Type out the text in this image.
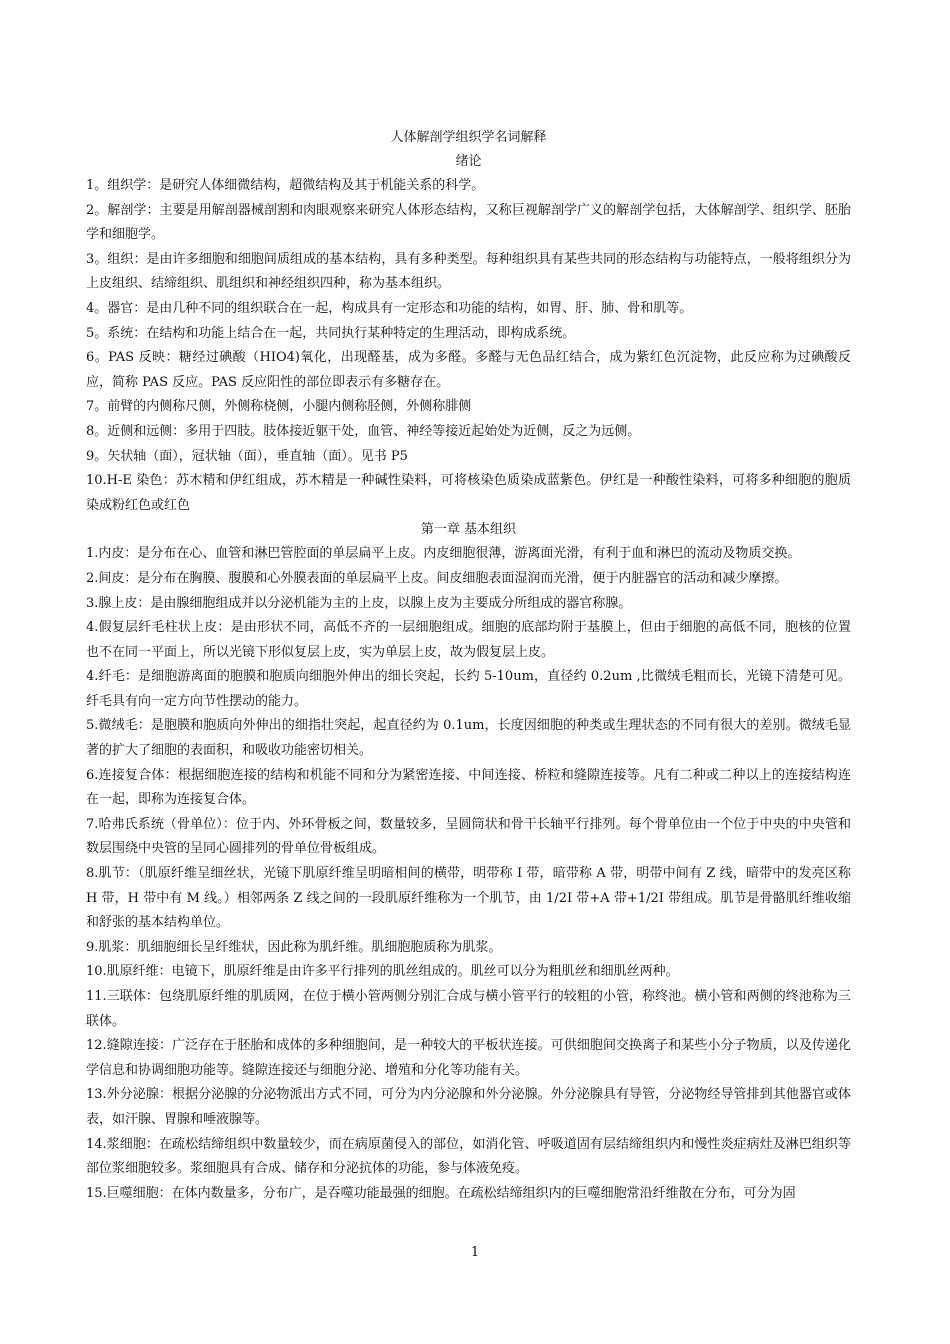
人体解剖学组织学名词解释
绪论

1。组织学：是研究人体细微结构，超微结构及其于机能关系的科学。

2。解剖学：主要是用解剖器械剖割和肉眼观察来研究人体形态结构，又称巨视解剖学广义的解剖学包括，大体解剖学、组织学、胚胎学和细胞学。

3。组织：是由许多细胞和细胞间质组成的基本结构，具有多种类型。每种组织具有某些共同的形态结构与功能特点，一般将组织分为上皮组织、结缔组织、肌组织和神经组织四种，称为基本组织。

4。器官：是由几种不同的组织联合在一起，构成具有一定形态和功能的结构，如胃、肝、肺、骨和肌等。

5。系统：在结构和功能上结合在一起，共同执行某种特定的生理活动，即构成系统。

6。PAS 反映：糖经过碘酸（HIO4)氧化，出现醛基，成为多醛。多醛与无色品红结合，成为紫红色沉淀物，此反应称为过碘酸反应，简称 PAS 反应。PAS 反应阳性的部位即表示有多糖存在。

7。前臂的内侧称尺侧，外侧称桡侧，小腿内侧称胫侧，外侧称腓侧

8。近侧和远侧：多用于四肢。肢体接近躯干处，血管、神经等接近起始处为近侧，反之为远侧。

9。矢状轴（面），冠状轴（面），垂直轴（面）。见书 P5

10.H-E 染色：苏木精和伊红组成，苏木精是一种碱性染料，可将核染色质染成蓝紫色。伊红是一种酸性染料，可将多种细胞的胞质染成粉红色或红色

第一章 基本组织

1.内皮：是分布在心、血管和淋巴管腔面的单层扁平上皮。内皮细胞很薄，游离面光滑，有利于血和淋巴的流动及物质交换。

2.间皮：是分布在胸膜、腹膜和心外膜表面的单层扁平上皮。间皮细胞表面湿润而光滑，便于内脏器官的活动和减少摩擦。

3.腺上皮：是由腺细胞组成并以分泌机能为主的上皮，以腺上皮为主要成分所组成的器官称腺。

4.假复层纤毛柱状上皮：是由形状不同，高低不齐的一层细胞组成。细胞的底部均附于基膜上，但由于细胞的高低不同，胞核的位置也不在同一平面上，所以光镜下形似复层上皮，实为单层上皮，故为假复层上皮。

4.纤毛：是细胞游离面的胞膜和胞质向细胞外伸出的细长突起，长约 5-10um，直径约 0.2um ,比微绒毛粗而长，光镜下清楚可见。纤毛具有向一定方向节性摆动的能力。

5.微绒毛：是胞膜和胞质向外伸出的细指壮突起，起直径约为 0.1um，长度因细胞的种类或生理状态的不同有很大的差别。微绒毛显著的扩大了细胞的表面积，和吸收功能密切相关。

6.连接复合体：根据细胞连接的结构和机能不同和分为紧密连接、中间连接、桥粒和缝隙连接等。凡有二种或二种以上的连接结构连在一起，即称为连接复合体。

7.哈弗氏系统（骨单位）：位于内、外环骨板之间，数量较多，呈圆筒状和骨干长轴平行排列。每个骨单位由一个位于中央的中央管和数层围绕中央管的呈同心圆排列的骨单位骨板组成。

8.肌节：（肌原纤维呈细丝状，光镜下肌原纤维呈明暗相间的横带，明带称 I 带，暗带称 A 带，明带中间有 Z 线，暗带中的发亮区称 H 带，H 带中有 M 线。）相邻两条 Z 线之间的一段肌原纤维称为一个肌节，由 1/2I 带+A 带+1/2I 带组成。肌节是骨骼肌纤维收缩和舒张的基本结构单位。

9.肌浆：肌细胞细长呈纤维状，因此称为肌纤维。肌细胞胞质称为肌浆。

10.肌原纤维：电镜下，肌原纤维是由许多平行排列的肌丝组成的。肌丝可以分为粗肌丝和细肌丝两种。

11.三联体：包绕肌原纤维的肌质网，在位于横小管两侧分别汇合成与横小管平行的较粗的小管，称终池。横小管和两侧的终池称为三联体。

12.缝隙连接：广泛存在于胚胎和成体的多种细胞间，是一种较大的平板状连接。可供细胞间交换离子和某些小分子物质，以及传递化学信息和协调细胞功能等。缝隙连接还与细胞分泌、增殖和分化等功能有关。

13.外分泌腺：根据分泌腺的分泌物派出方式不同，可分为内分泌腺和外分泌腺。外分泌腺具有导管，分泌物经导管排到其他器官或体表，如汗腺、胃腺和唾液腺等。

14.浆细胞：在疏松结缔组织中数量较少，而在病原菌侵入的部位，如消化管、呼吸道固有层结缔组织内和慢性炎症病灶及淋巴组织等部位浆细胞较多。浆细胞具有合成、储存和分泌抗体的功能，参与体液免疫。

15.巨噬细胞：在体内数量多，分布广，是吞噬功能最强的细胞。在疏松结缔组织内的巨噬细胞常沿纤维散在分布，可分为固

1
